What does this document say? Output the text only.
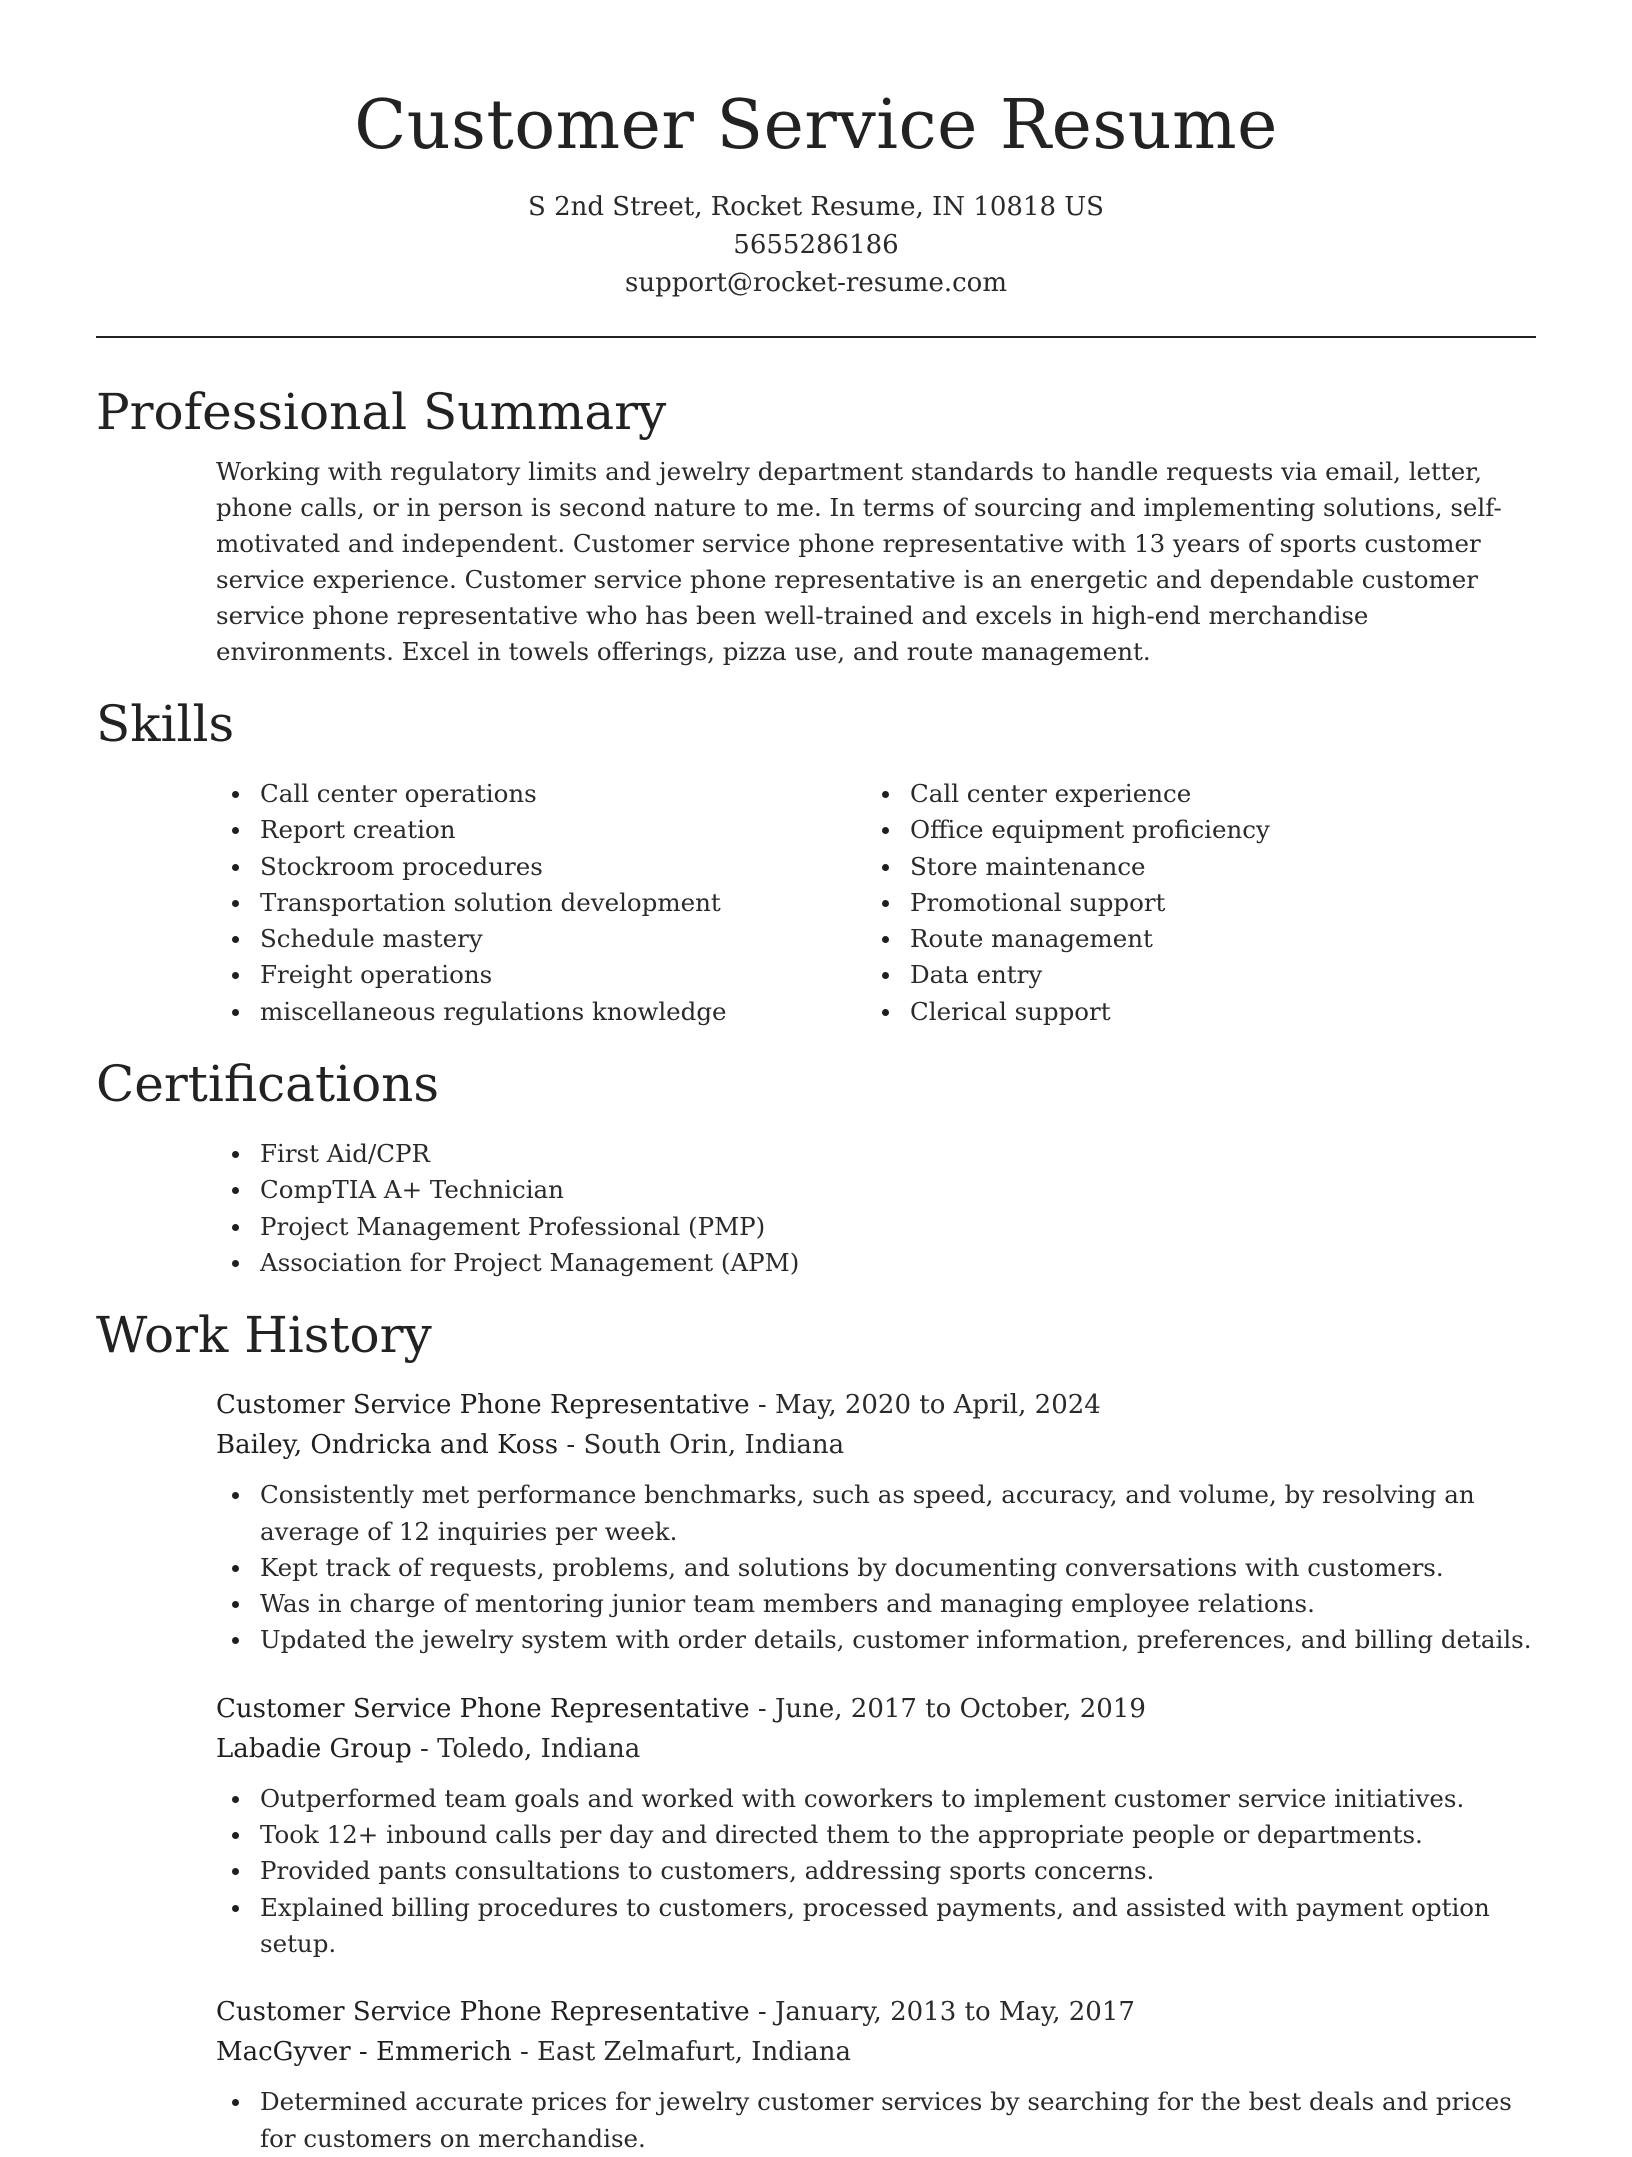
Customer Service Resume
S 2nd Street, Rocket Resume, IN 10818 US
5655286186
support@rocket-resume.com
Professional Summary

Working with regulatory limits and jewelry department standards to handle requests via email, letter, phone calls, or in person is second nature to me. In terms of sourcing and implementing solutions, self-motivated and independent. Customer service phone representative with 13 years of sports customer service experience. Customer service phone representative is an energetic and dependable customer service phone representative who has been well-trained and excels in high-end merchandise environments. Excel in towels offerings, pizza use, and route management.

Skills
Call center operations
Report creation
Stockroom procedures
Transportation solution development
Schedule mastery
Freight operations
miscellaneous regulations knowledge
Call center experience
Office equipment proficiency
Store maintenance
Promotional support
Route management
Data entry
Clerical support
Certifications
First Aid/CPR
CompTIA A+ Technician
Project Management Professional (PMP)
Association for Project Management (APM)
Work History
Customer Service Phone Representative - May, 2020 to April, 2024
Bailey, Ondricka and Koss - South Orin, Indiana
Consistently met performance benchmarks, such as speed, accuracy, and volume, by resolving an average of 12 inquiries per week.
Kept track of requests, problems, and solutions by documenting conversations with customers.
Was in charge of mentoring junior team members and managing employee relations.
Updated the jewelry system with order details, customer information, preferences, and billing details.
Customer Service Phone Representative - June, 2017 to October, 2019
Labadie Group - Toledo, Indiana
Outperformed team goals and worked with coworkers to implement customer service initiatives.
Took 12+ inbound calls per day and directed them to the appropriate people or departments.
Provided pants consultations to customers, addressing sports concerns.
Explained billing procedures to customers, processed payments, and assisted with payment option setup.
Customer Service Phone Representative - January, 2013 to May, 2017
MacGyver - Emmerich - East Zelmafurt, Indiana
Determined accurate prices for jewelry customer services by searching for the best deals and prices for customers on merchandise.
